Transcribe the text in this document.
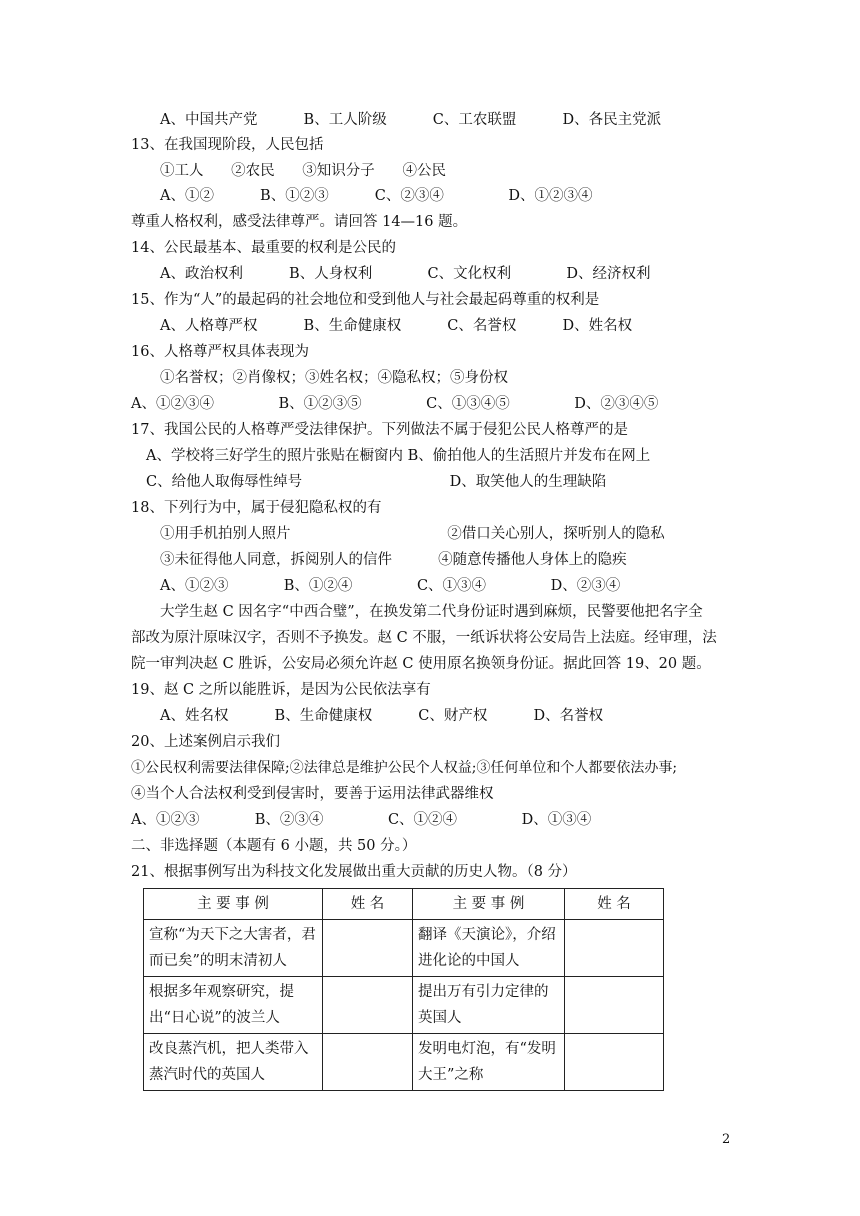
A、中国共产党          B、工人阶级          C、工农联盟          D、各民主党派
13、在我国现阶段，人民包括
①工人      ②农民      ③知识分子      ④公民
A、①②          B、①②③          C、②③④              D、①②③④
尊重人格权利，感受法律尊严。请回答 14—16 题。
14、公民最基本、最重要的权利是公民的
A、政治权利          B、人身权利            C、文化权利            D、经济权利
15、作为“人”的最起码的社会地位和受到他人与社会最起码尊重的权利是
A、人格尊严权          B、生命健康权          C、名誉权          D、姓名权
16、人格尊严权具体表现为
①名誉权；②肖像权；③姓名权；④隐私权；⑤身份权
A、①②③④              B、①②③⑤              C、①③④⑤              D、②③④⑤
17、我国公民的人格尊严受法律保护。下列做法不属于侵犯公民人格尊严的是
A、学校将三好学生的照片张贴在橱窗内 B、偷拍他人的生活照片并发布在网上
C、给他人取侮辱性绰号                                D、取笑他人的生理缺陷
18、下列行为中，属于侵犯隐私权的有
①用手机拍别人照片                                  ②借口关心别人，探听别人的隐私
③未征得他人同意，拆阅别人的信件          ④随意传播他人身体上的隐疾
A、①②③            B、①②④              C、①③④              D、②③④
大学生赵 C 因名字“中西合璧”，在换发第二代身份证时遇到麻烦，民警要他把名字全
部改为原汁原味汉字，否则不予换发。赵 C 不服，一纸诉状将公安局告上法庭。经审理，法
院一审判决赵 C 胜诉，公安局必须允许赵 C 使用原名换领身份证。据此回答 19、20 题。
19、赵 C 之所以能胜诉，是因为公民依法享有
A、姓名权          B、生命健康权          C、财产权          D、名誉权
20、上述案例启示我们
①公民权利需要法律保障;②法律总是维护公民个人权益;③任何单位和个人都要依法办事;
④当个人合法权利受到侵害时，要善于运用法律武器维权
A、①②③            B、②③④              C、①②④              D、①③④
二、非选择题（本题有 6 小题，共 50 分。）
21、根据事例写出为科技文化发展做出重大贡献的历史人物。（8 分）
主 要 事 例	姓 名	主 要 事 例	姓 名
宣称“为天下之大害者，君而已矣”的明末清初人		翻译《天演论》，介绍进化论的中国人	
根据多年观察研究，提出“日心说”的波兰人		提出万有引力定律的英国人	
改良蒸汽机，把人类带入蒸汽时代的英国人		发明电灯泡，有“发明大王”之称	
2
